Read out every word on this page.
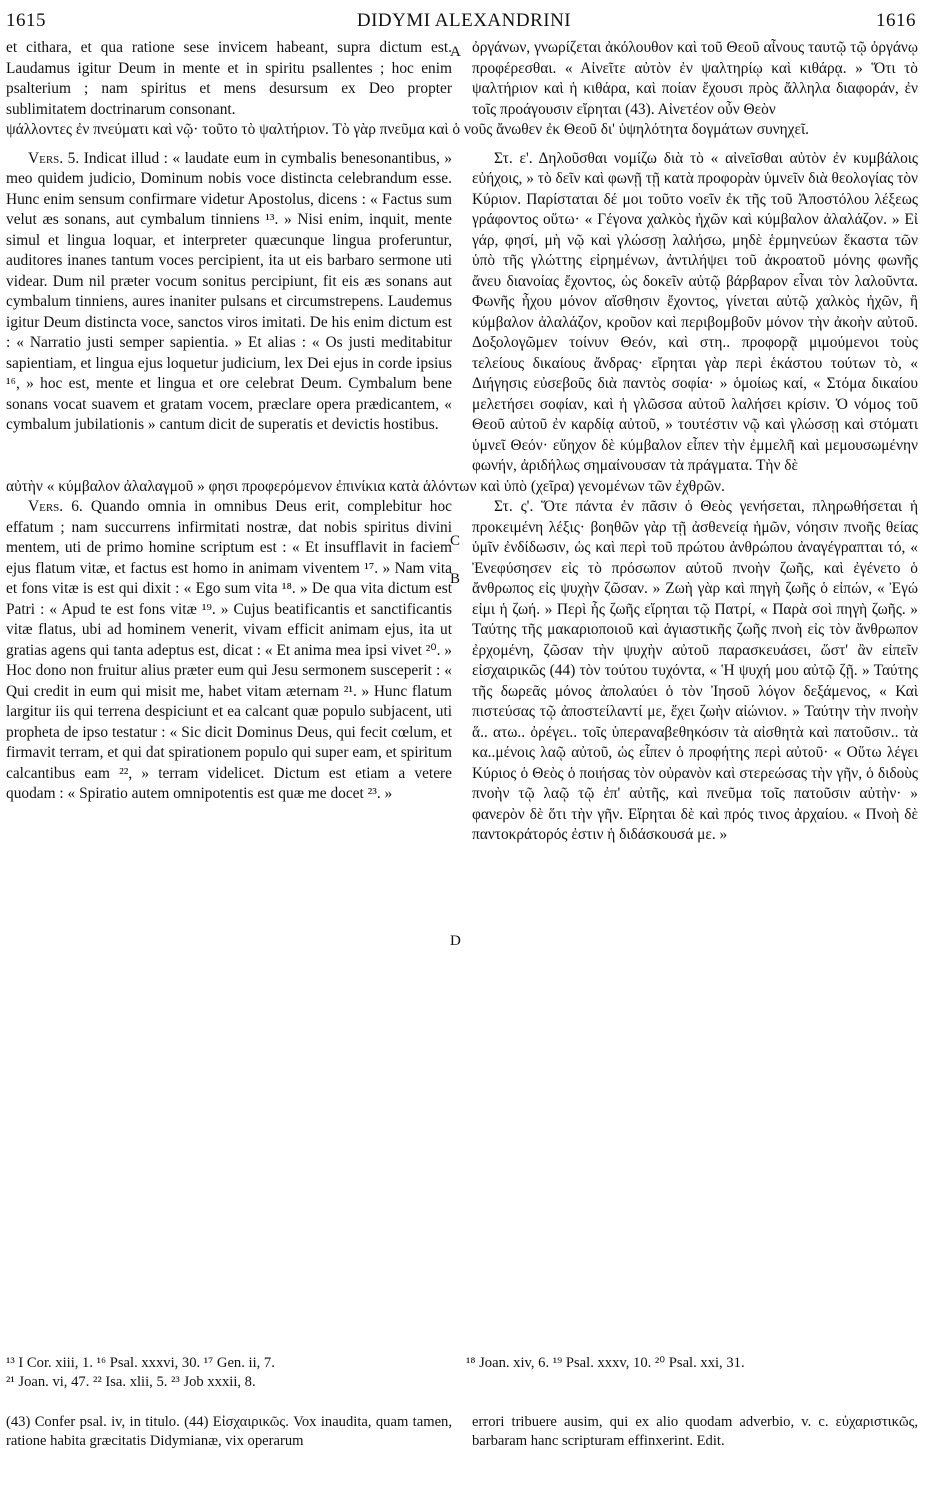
1615	DIDYMI ALEXANDRINI	1616

et cithara, et qua ratione sese invicem habeant, supra dictum est. Laudamus igitur Deum in mente et in spiritu psallentes ; hoc enim psalterium ; nam spiritus et mens desursum ex Deo propter sublimitatem doctrinarum consonant.

A ὀργάνων, γνωρίζεται ἀκόλουθον καὶ τοῦ Θεοῦ αἶνους ταυτῷ τῷ ὀργάνῳ προφέρεσθαι. « Αἰνεῖτε αὐτὸν ἐν ψαλτηρίῳ καὶ κιθάρᾳ. » Ὅτι τὸ ψαλτήριον καὶ ἡ κιθάρα, καὶ ποίαν ἔχουσι πρὸς ἄλληλα διαφοράν, ἐν τοῖς προάγουσιν εἴρηται (43). Αἰνετέον οὖν Θεὸν

ψάλλοντες ἐν πνεύματι καὶ νῷ· τοῦτο τὸ ψαλτήριον. Τὸ γὰρ πνεῦμα καὶ ὁ νοῦς ἄνωθεν ἐκ Θεοῦ δι' ὑψηλότητα δογμάτων συνηχεῖ.

Vers. 5. Indicat illud : « laudate eum in cymbalis benesonantibus, » meo quidem judicio, Dominum nobis voce distincta celebrandum esse. Hunc enim sensum confirmare videtur Apostolus, dicens : « Factus sum velut æs sonans, aut cymbalum tinniens ¹³. » Nisi enim, inquit, mente simul et lingua loquar, et interpreter quæcunque lingua proferuntur, auditores inanes tantum voces percipient, ita ut eis barbaro sermone uti videar. Dum nil præter vocum sonitus percipiunt, fit eis æs sonans aut cymbalum tinniens, aures inaniter pulsans et circumstrepens. Laudemus igitur Deum distincta voce, sanctos viros imitati. De his enim dictum est : « Narratio justi semper sapientia. » Et alias : « Os justi meditabitur sapientiam, et lingua ejus loquetur judicium, lex Dei ejus in corde ipsius ¹⁶, » hoc est, mente et lingua et ore celebrat Deum. Cymbalum bene sonans vocat suavem et gratam vocem, præclare opera prædicantem, « cymbalum jubilationis » cantum dicit de superatis et devictis hostibus.

B

Στ. ε'. Δηλοῦσθαι νομίζω διὰ τὸ « αἰνεῖσθαι αὐτὸν ἐν κυμβάλοις εὐήχοις, » τὸ δεῖν καὶ φωνῇ τῇ κατὰ προφορὰν ὑμνεῖν διὰ θεολογίας τὸν Κύριον. Παρίσταται δέ μοι τοῦτο νοεῖν ἐκ τῆς τοῦ Ἀποστόλου λέξεως γράφοντος οὕτω· « Γέγονα χαλκὸς ἠχῶν καὶ κύμβαλον ἀλαλάζον. » Εἰ γάρ, φησί, μὴ νῷ καὶ γλώσσῃ λαλήσω, μηδὲ ἑρμηνεύων ἕκαστα τῶν ὑπὸ τῆς γλώττης εἰρημένων, ἀντιλήψει τοῦ ἀκροατοῦ μόνης φωνῆς ἄνευ διανοίας ἔχοντος, ὡς δοκεῖν αὐτῷ βάρβαρον εἶναι τὸν λαλοῦντα. Φωνῆς ἦχου μόνον αἴσθησιν ἔχοντος, γίνεται αὐτῷ χαλκὸς ἠχῶν, ἢ κύμβαλον ἀλαλάζον, κροῦον καὶ περιβομβοῦν μόνον τὴν ἀκοὴν αὐτοῦ. Δοξολογῶμεν τοίνυν Θεόν, καὶ στη.. προφορᾷ μιμούμενοι τοὺς τελείους δικαίους ἄνδρας· εἴρηται γὰρ περὶ ἑκάστου τούτων τὸ, « Διήγησις εὐσεβοῦς διὰ παντὸς σοφία· » ὁμοίως καί, « Στόμα δικαίου μελετήσει σοφίαν, καὶ ἡ γλῶσσα αὐτοῦ λαλήσει κρίσιν. Ὁ νόμος τοῦ Θεοῦ αὐτοῦ ἐν καρδίᾳ αὐτοῦ, » τουτέστιν νῷ καὶ γλώσσῃ καὶ στόματι ὑμνεῖ Θεόν· εὔηχον δὲ κύμβαλον εἶπεν τὴν ἐμμελῆ καὶ μεμουσωμένην φωνήν, ἀριδήλως σημαίνουσαν τὰ πράγματα. Τὴν δὲ

αὐτὴν « κύμβαλον ἀλαλαγμοῦ » φησι προφερόμενον ἐπινίκια κατὰ ἁλόντων καὶ ὑπὸ (χεῖρα) γενομένων τῶν ἐχθρῶν.

Vers. 6. Quando omnia in omnibus Deus erit, complebitur hoc effatum ; nam succurrens infirmitati nostræ, dat nobis spiritus divini mentem, uti de primo homine scriptum est : « Et insufflavit in faciem ejus flatum vitæ, et factus est homo in animam viventem ¹⁷. » Nam vita et fons vitæ is est qui dixit : « Ego sum vita ¹⁸. » De qua vita dictum est Patri : « Apud te est fons vitæ ¹⁹. » Cujus beatificantis et sanctificantis vitæ flatus, ubi ad hominem venerit, vivam efficit animam ejus, ita ut gratias agens qui tanta adeptus est, dicat : « Et anima mea ipsi vivet ²⁰. » Hoc dono non fruitur alius præter eum qui Jesu sermonem susceperit : « Qui credit in eum qui misit me, habet vitam æternam ²¹. » Hunc flatum largitur iis qui terrena despiciunt et ea calcant quæ populo subjacent, uti propheta de ipso testatur : « Sic dicit Dominus Deus, qui fecit cœlum, et firmavit terram, et qui dat spirationem populo qui super eam, et spiritum calcantibus eam ²², » terram videlicet. Dictum est etiam a vetere quodam : « Spiratio autem omnipotentis est quæ me docet ²³. »

C
D

Στ. ς'. Ὅτε πάντα ἐν πᾶσιν ὁ Θεὸς γενήσεται, πληρωθήσεται ἡ προκειμένη λέξις· βοηθῶν γὰρ τῇ ἀσθενείᾳ ἡμῶν, νόησιν πνοῆς θείας ὑμῖν ἐνδίδωσιν, ὡς καὶ περὶ τοῦ πρώτου ἀνθρώπου ἀναγέγραπται τό, « Ἐνεφύσησεν εἰς τὸ πρόσωπον αὐτοῦ πνοὴν ζωῆς, καὶ ἐγένετο ὁ ἄνθρωπος εἰς ψυχὴν ζῶσαν. » Ζωὴ γὰρ καὶ πηγὴ ζωῆς ὁ εἰπών, « Ἐγώ εἰμι ἡ ζωή. » Περὶ ἧς ζωῆς εἴρηται τῷ Πατρί, « Παρὰ σοὶ πηγὴ ζωῆς. » Ταύτης τῆς μακαριοποιοῦ καὶ ἁγιαστικῆς ζωῆς πνοὴ εἰς τὸν ἄνθρωπον ἐρχομένη, ζῶσαν τὴν ψυχὴν αὐτοῦ παρασκευάσει, ὥστ' ἂν εἰπεῖν εἰσχαιρικῶς (44) τὸν τούτου τυχόντα, « Ἡ ψυχή μου αὐτῷ ζῇ. » Ταύτης τῆς δωρεᾶς μόνος ἀπολαύει ὁ τὸν Ἰησοῦ λόγον δεξάμενος, « Καὶ πιστεύσας τῷ ἀποστείλαντί με, ἔχει ζωὴν αἰώνιον. » Ταύτην τὴν πνοὴν ἅ.. ατω.. ὀρέγει.. τοῖς ὑπεραναβεθηκόσιν τὰ αἰσθητὰ καὶ πατοῦσιν.. τὰ κα..μένοις λαῷ αὐτοῦ, ὡς εἶπεν ὁ προφήτης περὶ αὐτοῦ· « Οὕτω λέγει Κύριος ὁ Θεὸς ὁ ποιήσας τὸν οὐρανὸν καὶ στερεώσας τὴν γῆν, ὁ διδοὺς πνοὴν τῷ λαῷ τῷ ἐπ' αὐτῆς, καὶ πνεῦμα τοῖς πατοῦσιν αὐτὴν· » φανερὸν δὲ ὅτι τὴν γῆν. Εἴρηται δὲ καὶ πρός τινος ἀρχαίου. « Πνοὴ δὲ παντοκράτορός ἐστιν ἡ διδάσκουσά με. »

¹³ I Cor. xiii, 1. ¹⁶ Psal. xxxvi, 30. ¹⁷ Gen. ii, 7.	¹⁸ Joan. xiv, 6. ¹⁹ Psal. xxxv, 10. ²⁰ Psal. xxi, 31.
²¹ Joan. vi, 47. ²² Isa. xlii, 5. ²³ Job xxxii, 8.
(43) Confer psal. iv, in titulo. (44) Εἰσχαιρικῶς. Vox inaudita, quam tamen, ratione habita græcitatis Didymianæ, vix operarum
errori tribuere ausim, qui ex alio quodam adverbio, v. c. εὐχαριστικῶς, barbaram hanc scripturam effinxerint. Edit.
